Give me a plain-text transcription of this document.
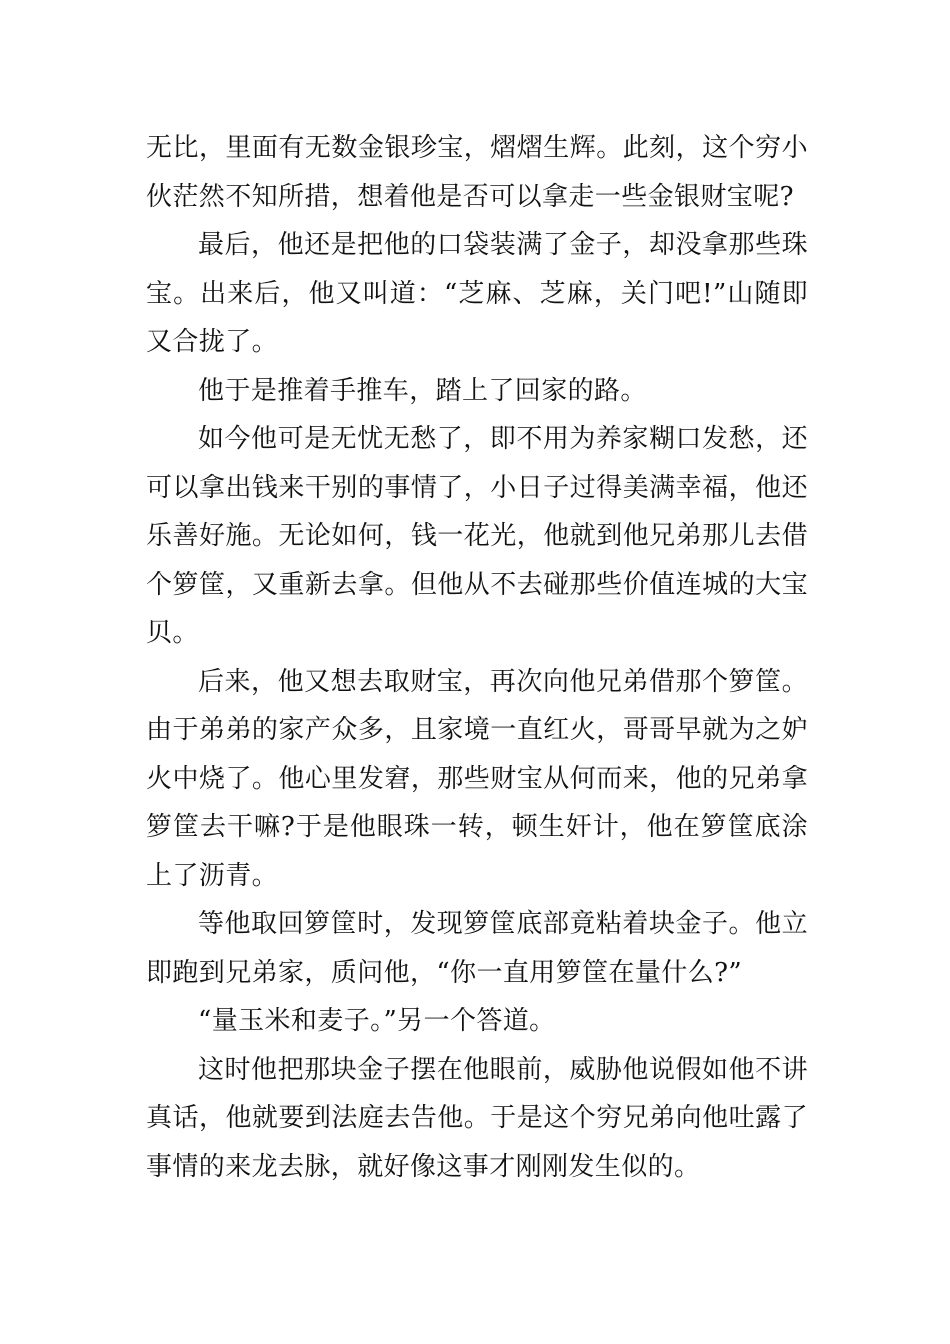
无比，里面有无数金银珍宝，熠熠生辉。此刻，这个穷小伙茫然不知所措，想着他是否可以拿走一些金银财宝呢?

最后，他还是把他的口袋装满了金子，却没拿那些珠宝。出来后，他又叫道：“芝麻、芝麻，关门吧!”山随即又合拢了。

他于是推着手推车，踏上了回家的路。

如今他可是无忧无愁了，即不用为养家糊口发愁，还可以拿出钱来干别的事情了，小日子过得美满幸福，他还乐善好施。无论如何，钱一花光，他就到他兄弟那儿去借个箩筐，又重新去拿。但他从不去碰那些价值连城的大宝贝。

后来，他又想去取财宝，再次向他兄弟借那个箩筐。由于弟弟的家产众多，且家境一直红火，哥哥早就为之妒火中烧了。他心里发窘，那些财宝从何而来，他的兄弟拿箩筐去干嘛?于是他眼珠一转，顿生奸计，他在箩筐底涂上了沥青。

等他取回箩筐时，发现箩筐底部竟粘着块金子。他立即跑到兄弟家，质问他，“你一直用箩筐在量什么?”

“量玉米和麦子。”另一个答道。

这时他把那块金子摆在他眼前，威胁他说假如他不讲真话，他就要到法庭去告他。于是这个穷兄弟向他吐露了事情的来龙去脉，就好像这事才刚刚发生似的。
